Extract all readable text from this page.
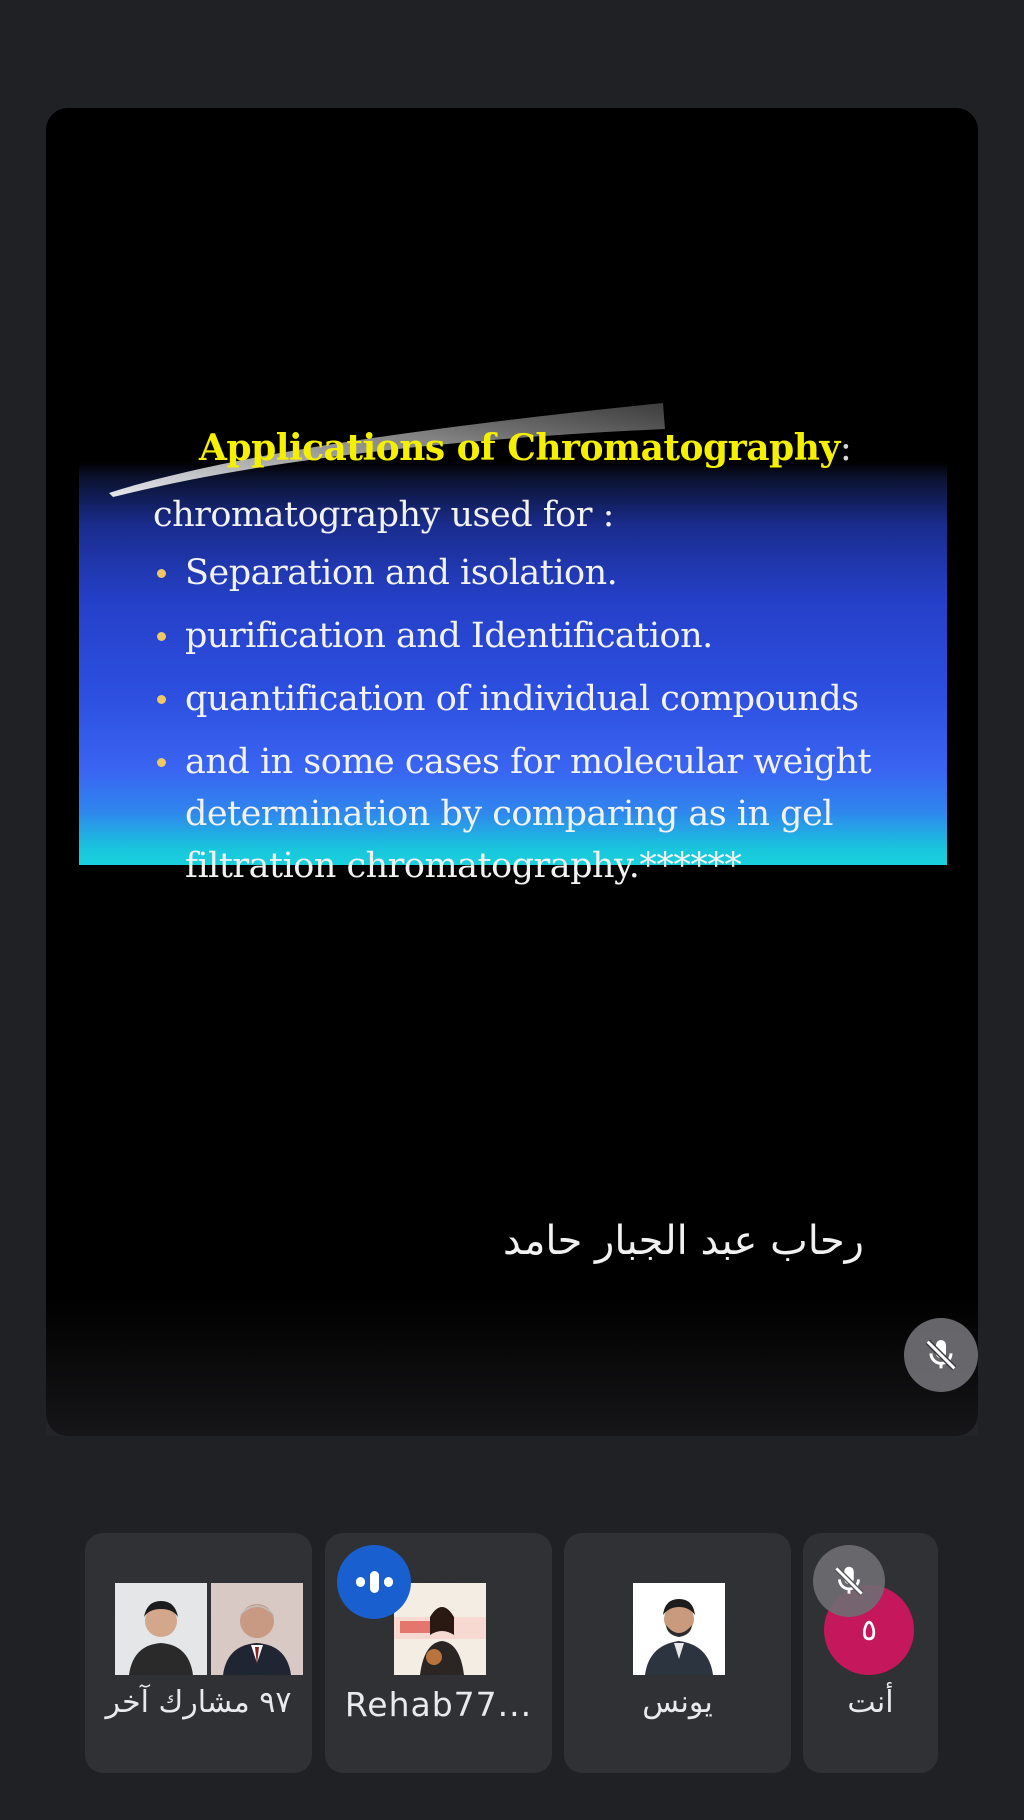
Applications of Chromatography:

chromatography used for :

Separation and isolation.
purification and Identification.
quantification of individual compounds
and in some cases for molecular weight determination by comparing as in gel filtration chromatography.******
رحاب عبد الجبار حامد
٩٧ مشارك آخر	Rehab77...	يونس
٥
أنت
